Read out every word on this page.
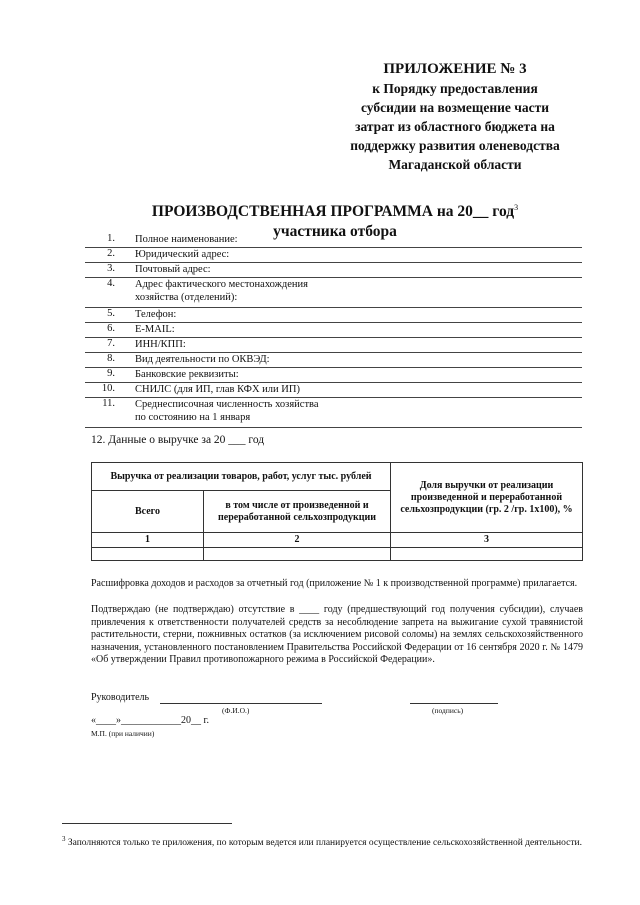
ПРИЛОЖЕНИЕ № 3
к Порядку предоставления
субсидии на возмещение части
затрат из областного бюджета на
поддержку развития оленеводства
Магаданской области
ПРОИЗВОДСТВЕННАЯ ПРОГРАММА на 20__ год$^3$
участника отбора
1.	Полное наименование:
2.	Юридический адрес:
3.	Почтовый адрес:
4. Адрес фактического местонахождения
хозяйства (отделений):
5.	Телефон:
6.	E-MAIL:
7.	ИНН/КПП:
8.	Вид деятельности по ОКВЭД:
9.	Банковские реквизиты:
10.	СНИЛС (для ИП, глав КФХ или ИП)
11. Среднесписочная численность хозяйства
по состоянию на 1 января
12. Данные о выручке за 20 ___ год
Выручка от реализации товаров, работ, услуг тыс. рублей		Доля выручки от реализации произведенной и переработанной сельхозпродукции (гр. 2 /гр. 1х100), %
Всего	в том числе от произведенной и переработанной сельхозпродукции	
1	2	3

Расшифровка доходов и расходов за отчетный год (приложение № 1 к производственной программе) прилагается.
Подтверждаю (не подтверждаю) отсутствие в ____ году (предшествующий год получения субсидии), случаев привлечения к ответственности получателей средств за несоблюдение запрета на выжигание сухой травянистой растительности, стерни, пожнивных остатков (за исключением рисовой соломы) на землях сельскохозяйственного назначения, установленного постановлением Правительства Российской Федерации от 16 сентября 2020 г. № 1479 «Об утверждении Правил противопожарного режима в Российской Федерации».
Руководитель
(Ф.И.О.)	(подпись)
«____»____________20__ г.
М.П. (при наличии)
$^3$ Заполняются только те приложения, по которым ведется или планируется осуществление сельскохозяйственной деятельности.
